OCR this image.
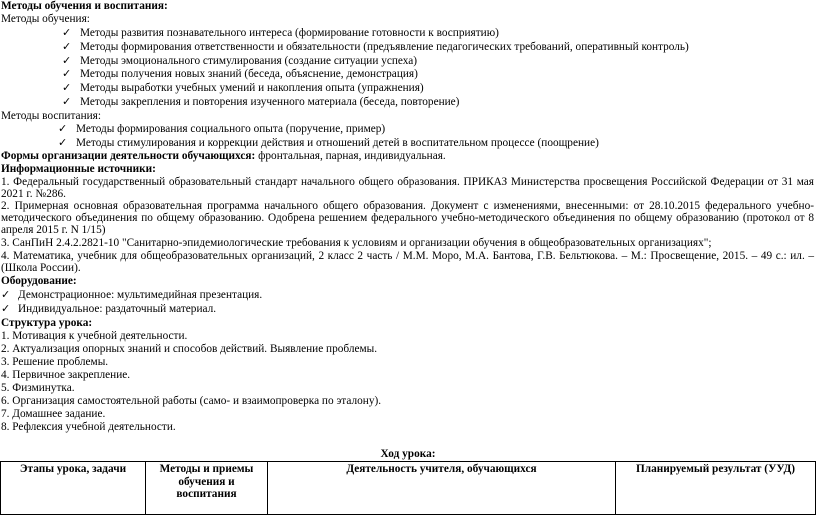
Методы обучения и воспитания:
Методы обучения:
✓ Методы развития познавательного интереса (формирование готовности к восприятию)
✓ Методы формирования ответственности и обязательности (предъявление педагогических требований, оперативный контроль)
✓ Методы эмоционального стимулирования (создание ситуации успеха)
✓ Методы получения новых знаний (беседа, объяснение, демонстрация)
✓ Методы выработки учебных умений и накопления опыта (упражнения)
✓ Методы закрепления и повторения изученного материала (беседа, повторение)
Методы воспитания:
✓ Методы формирования социального опыта (поручение, пример)
✓ Методы стимулирования и коррекции действия и отношений детей в воспитательном процессе (поощрение)
Формы организации деятельности обучающихся: фронтальная, парная, индивидуальная.
Информационные источники:
1. Федеральный государственный образовательный стандарт начального общего образования. ПРИКАЗ Министерства просвещения Российской Федерации от 31 мая 2021 г. №286.
2. Примерная основная образовательная программа начального общего образования. Документ с изменениями, внесенными: от 28.10.2015 федерального учебно-методического объединения по общему образованию. Одобрена решением федерального учебно-методического объединения по общему образованию (протокол от 8 апреля 2015 г. N 1/15)
3. СанПиН 2.4.2.2821-10 "Санитарно-эпидемиологические требования к условиям и организации обучения в общеобразовательных организациях";
4. Математика, учебник для общеобразовательных организаций, 2 класс 2 часть / М.М. Моро, М.А. Бантова, Г.В. Бельтюкова. – М.: Просвещение, 2015. – 49 с.: ил. – (Школа России).
Оборудование:
✓ Демонстрационное: мультимедийная презентация.
✓ Индивидуальное: раздаточный материал.
Структура урока:
1. Мотивация к учебной деятельности.
2. Актуализация опорных знаний и способов действий. Выявление проблемы.
3. Решение проблемы.
4. Первичное закрепление.
5. Физминутка.
6. Организация самостоятельной работы (само- и взаимопроверка по эталону).
7. Домашнее задание.
8. Рефлексия учебной деятельности.
Ход урока:
Этапы урока, задачи	Методы и приемы обучения и воспитания	Деятельность учителя, обучающихся	Планируемый результат (УУД)
